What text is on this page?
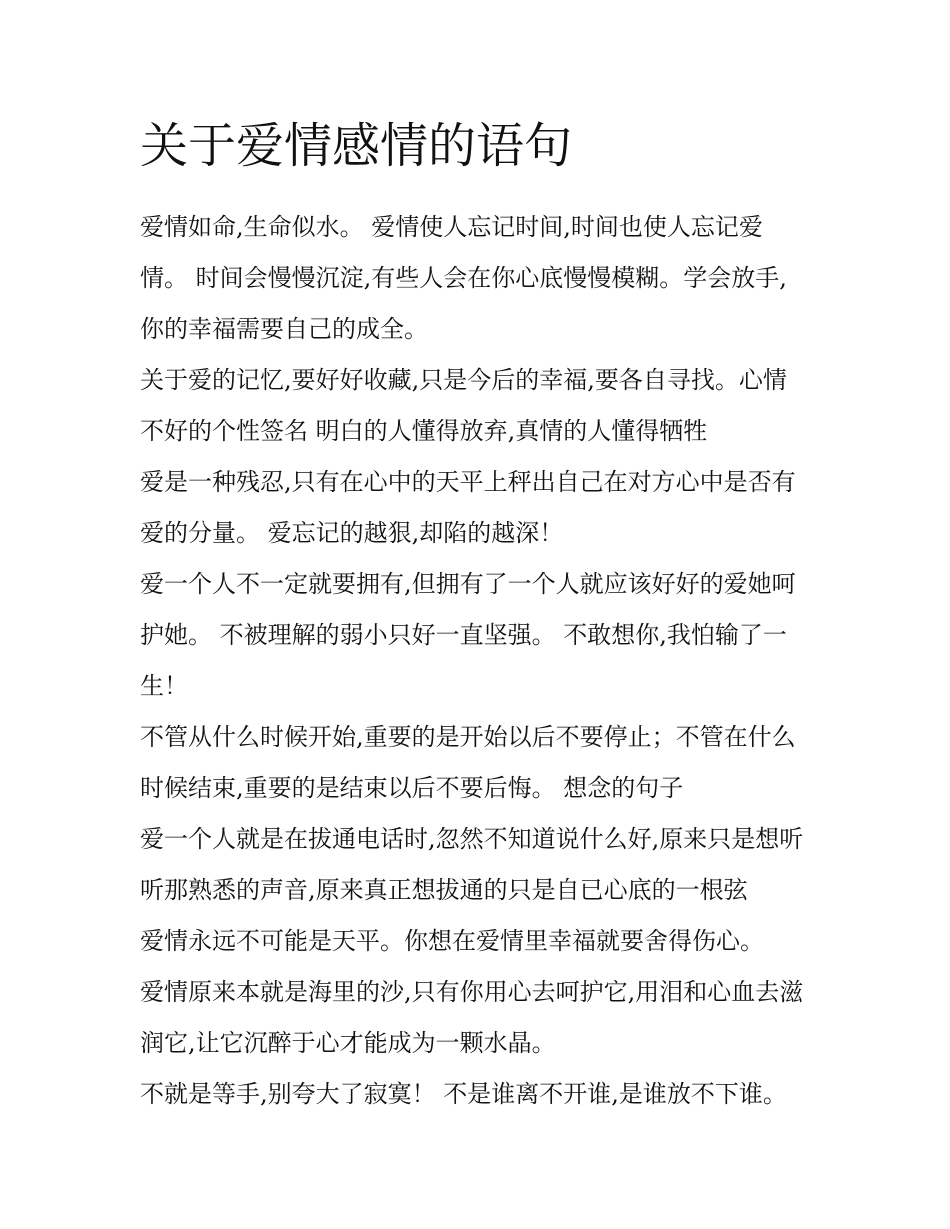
关于爱情感情的语句

爱情如命,生命似水。 爱情使人忘记时间,时间也使人忘记爱情。 时间会慢慢沉淀,有些人会在你心底慢慢模糊。学会放手,你的幸福需要自己的成全。

关于爱的记忆,要好好收藏,只是今后的幸福,要各自寻找。心情不好的个性签名 明白的人懂得放弃,真情的人懂得牺牲

爱是一种残忍,只有在心中的天平上秤出自己在对方心中是否有爱的分量。 爱忘记的越狠,却陷的越深！

爱一个人不一定就要拥有,但拥有了一个人就应该好好的爱她呵护她。 不被理解的弱小只好一直坚强。 不敢想你,我怕输了一生！

不管从什么时候开始,重要的是开始以后不要停止；不管在什么时候结束,重要的是结束以后不要后悔。 想念的句子

爱一个人就是在拔通电话时,忽然不知道说什么好,原来只是想听听那熟悉的声音,原来真正想拔通的只是自已心底的一根弦

爱情永远不可能是天平。你想在爱情里幸福就要舍得伤心。

爱情原来本就是海里的沙,只有你用心去呵护它,用泪和心血去滋润它,让它沉醉于心才能成为一颗水晶。

不就是等手,别夸大了寂寞！ 不是谁离不开谁,是谁放不下谁。
